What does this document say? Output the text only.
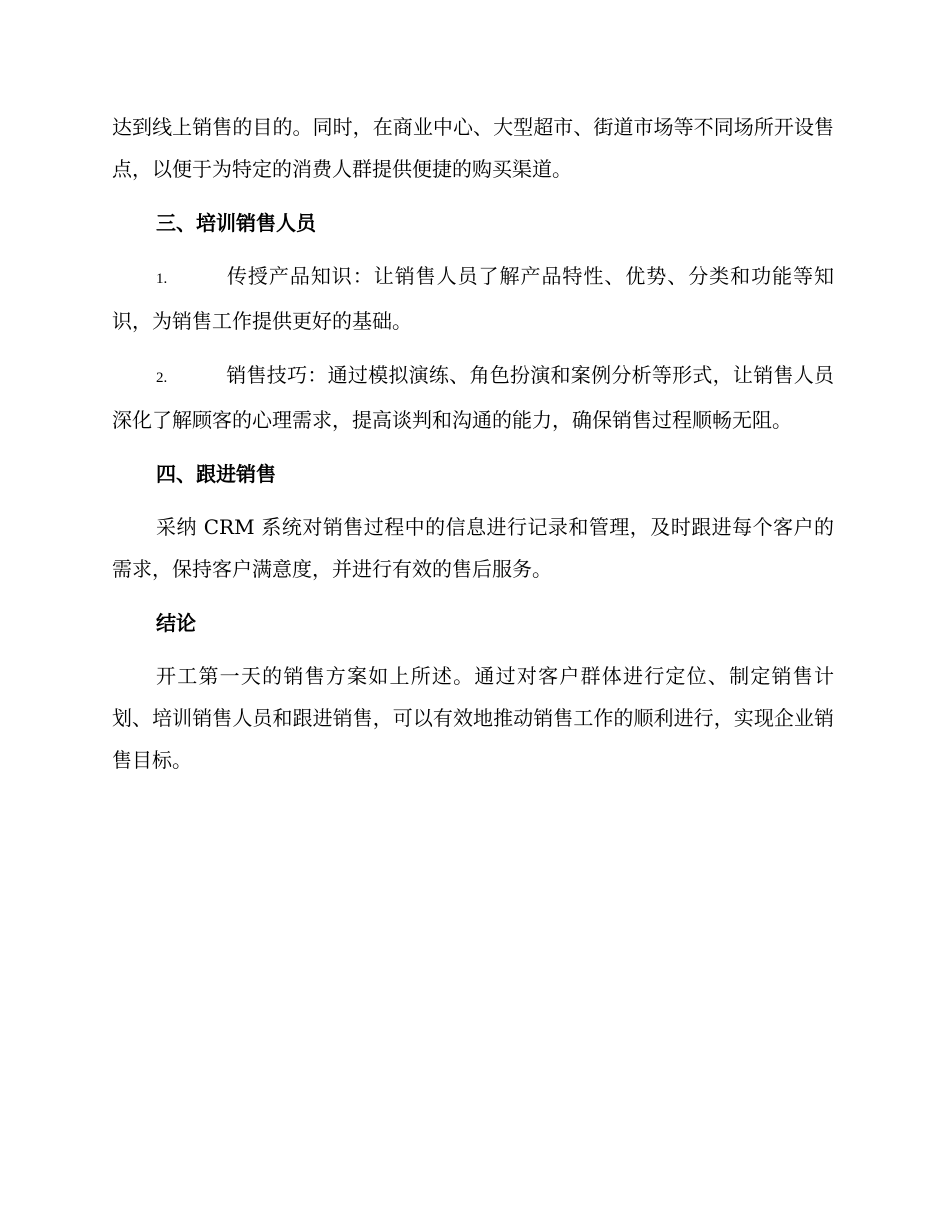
达到线上销售的目的。同时，在商业中心、大型超市、街道市场等不同场所开设售点，以便于为特定的消费人群提供便捷的购买渠道。

三、培训销售人员

1.	传授产品知识：让销售人员了解产品特性、优势、分类和功能等知识，为销售工作提供更好的基础。

2.	销售技巧：通过模拟演练、角色扮演和案例分析等形式，让销售人员深化了解顾客的心理需求，提高谈判和沟通的能力，确保销售过程顺畅无阻。

四、跟进销售

采纳 CRM 系统对销售过程中的信息进行记录和管理，及时跟进每个客户的需求，保持客户满意度，并进行有效的售后服务。

结论

开工第一天的销售方案如上所述。通过对客户群体进行定位、制定销售计划、培训销售人员和跟进销售，可以有效地推动销售工作的顺利进行，实现企业销售目标。
